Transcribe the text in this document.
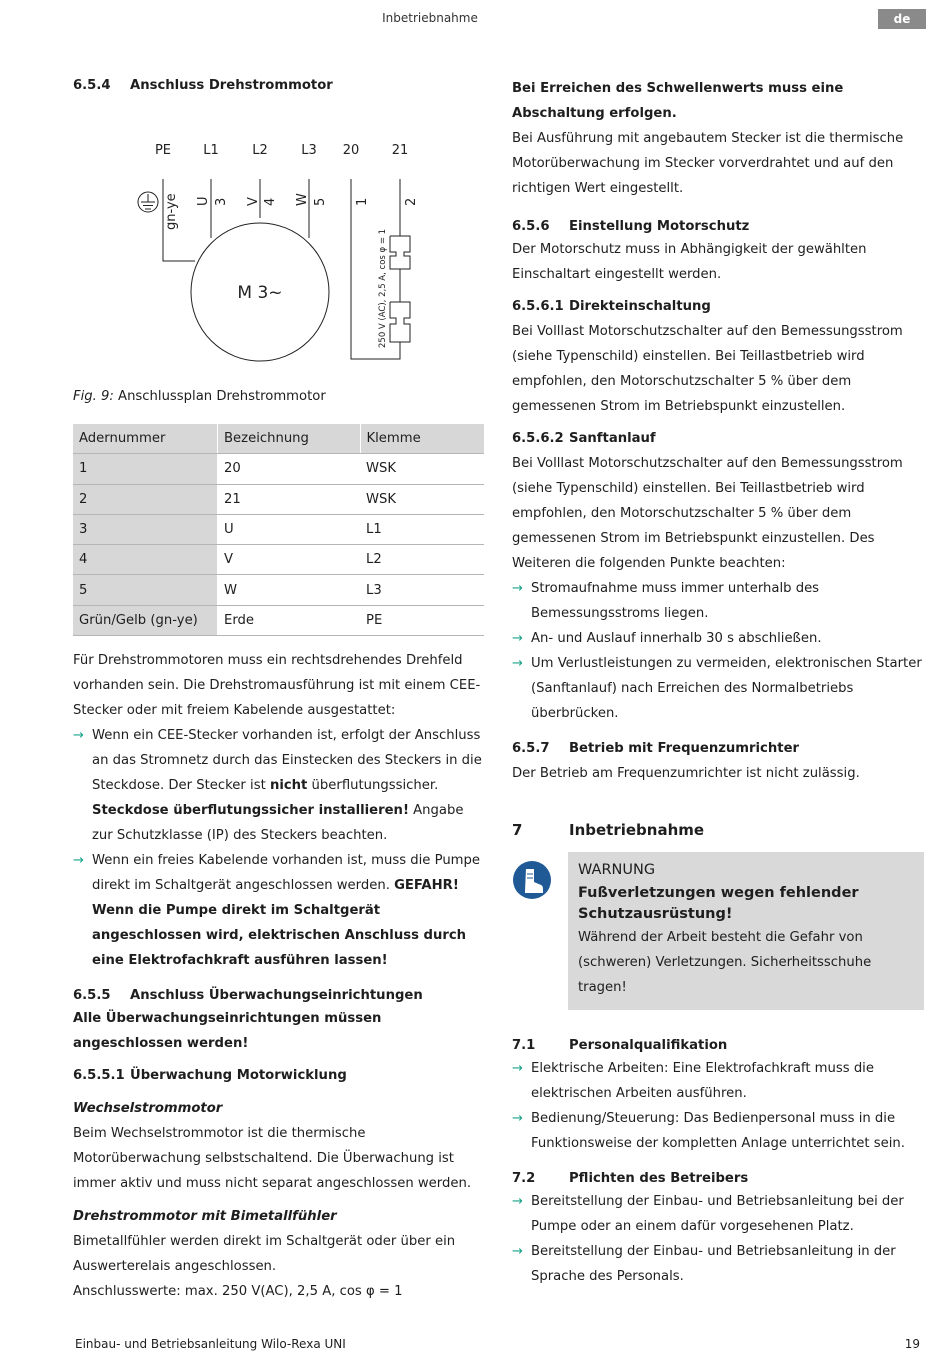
Inbetriebnahme	de
6.5.4	Anschluss Drehstrommotor
PE L1	L2	L3 20 21
gn-ye U 3 V 4 W 5 1	2
M 3~	250 V (AC), 2,5 A, cos φ = 1

Fig. 9: Anschlussplan Drehstrommotor

Adernummer	Bezeichnung	Klemme
1	20	WSK
2	21	WSK
3	U	L1
4	V	L2
5	W	L3
Grün/Gelb (gn-ye)	Erde	PE

Für Drehstrommotoren muss ein rechtsdrehendes Drehfeld vorhanden sein. Die Drehstromausführung ist mit einem CEE-Stecker oder mit freiem Kabelende ausgestattet:

→ Wenn ein CEE-Stecker vorhanden ist, erfolgt der Anschluss an das Stromnetz durch das Einstecken des Steckers in die Steckdose. Der Stecker ist nicht überflutungssicher. Steckdose überflutungssicher installieren! Angabe zur Schutzklasse (IP) des Steckers beachten.

→ Wenn ein freies Kabelende vorhanden ist, muss die Pumpe direkt im Schaltgerät angeschlossen werden. GEFAHR! Wenn die Pumpe direkt im Schaltgerät angeschlossen wird, elektrischen Anschluss durch eine Elektrofachkraft ausführen lassen!

6.5.5	Anschluss Überwachungseinrichtungen

Alle Überwachungseinrichtungen müssen angeschlossen werden!

6.5.5.1 Überwachung Motorwicklung

Wechselstrommotor

Beim Wechselstrommotor ist die thermische Motorüberwachung selbstschaltend. Die Überwachung ist immer aktiv und muss nicht separat angeschlossen werden.

Drehstrommotor mit Bimetallfühler

Bimetallfühler werden direkt im Schaltgerät oder über ein Auswerterelais angeschlossen.

Anschlusswerte: max. 250 V(AC), 2,5 A, cos φ = 1

Bei Erreichen des Schwellenwerts muss eine Abschaltung erfolgen.

Bei Ausführung mit angebautem Stecker ist die thermische Motorüberwachung im Stecker vorverdrahtet und auf den richtigen Wert eingestellt.

6.5.6	Einstellung Motorschutz

Der Motorschutz muss in Abhängigkeit der gewählten Einschaltart eingestellt werden.

6.5.6.1 Direkteinschaltung

Bei Volllast Motorschutzschalter auf den Bemessungsstrom (siehe Typenschild) einstellen. Bei Teillastbetrieb wird empfohlen, den Motorschutzschalter 5 % über dem gemessenen Strom im Betriebspunkt einzustellen.

6.5.6.2 Sanftanlauf

Bei Volllast Motorschutzschalter auf den Bemessungsstrom (siehe Typenschild) einstellen. Bei Teillastbetrieb wird empfohlen, den Motorschutzschalter 5 % über dem gemessenen Strom im Betriebspunkt einzustellen. Des Weiteren die folgenden Punkte beachten:

→ Stromaufnahme muss immer unterhalb des Bemessungsstroms liegen.

→ An- und Auslauf innerhalb 30 s abschließen.

→ Um Verlustleistungen zu vermeiden, elektronischen Starter (Sanftanlauf) nach Erreichen des Normalbetriebs überbrücken.

6.5.7	Betrieb mit Frequenzumrichter

Der Betrieb am Frequenzumrichter ist nicht zulässig.

7	Inbetriebnahme
WARNUNG
Fußverletzungen wegen fehlender Schutzausrüstung!

Während der Arbeit besteht die Gefahr von (schweren) Verletzungen. Sicherheitsschuhe tragen!

7.1	Personalqualifikation
→ Elektrische Arbeiten: Eine Elektrofachkraft muss die elektrischen Arbeiten ausführen.

→ Bedienung/Steuerung: Das Bedienpersonal muss in die Funktionsweise der kompletten Anlage unterrichtet sein.

7.2	Pflichten des Betreibers
→ Bereitstellung der Einbau- und Betriebsanleitung bei der Pumpe oder an einem dafür vorgesehenen Platz.

→ Bereitstellung der Einbau- und Betriebsanleitung in der Sprache des Personals.

Einbau- und Betriebsanleitung Wilo-Rexa UNI	19
